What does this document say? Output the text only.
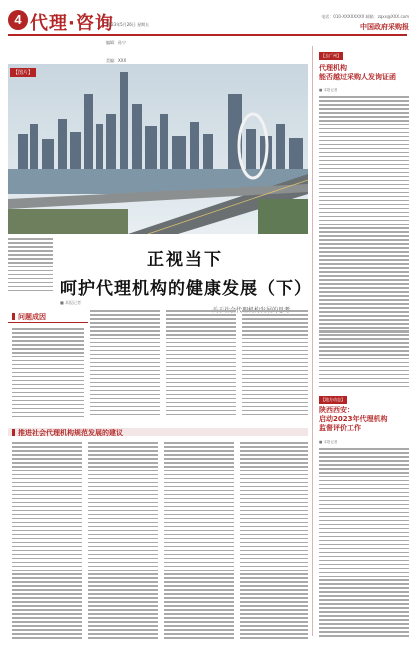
4 代理·咨询

2023年5月26日 星期五

编辑：孙宁

美编：XXX

电话：010-XXXXXXXX 邮箱：zqxx@XXX.com
中国政府采购报
【图片】
正视当下
呵护代理机构的健康发展（下）
■ 本报记者
问题成因
推进社会代理机构规范发展的建议
【去广州】
代理机构
能否越过采购人发询证函
■ 本报记者
【地方动态】
陕西西安：
启动2023年代理机构
监督评价工作
■ 本报记者
